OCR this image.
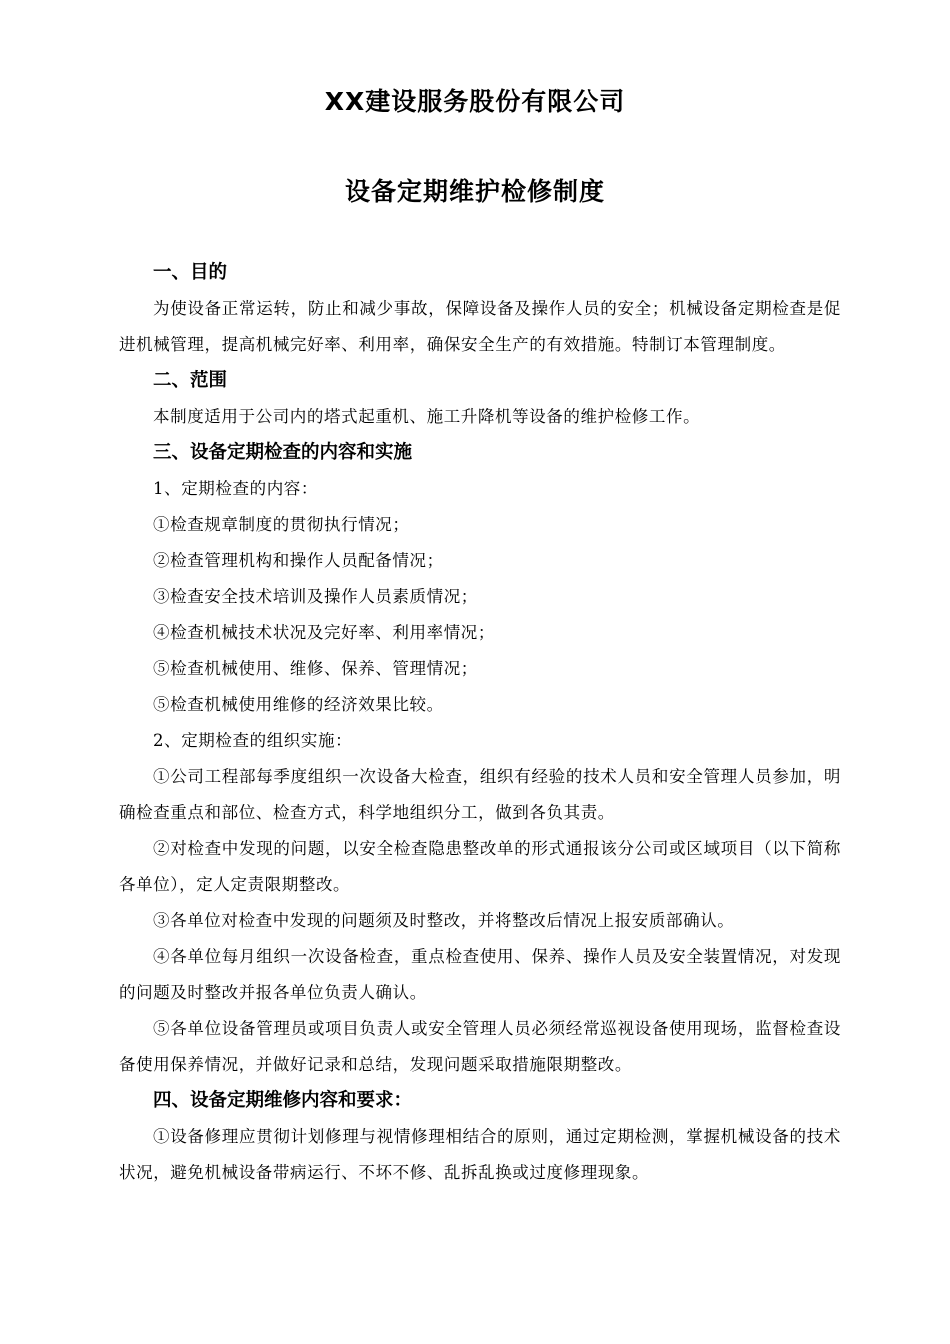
XX建设服务股份有限公司
设备定期维护检修制度
一、目的
为使设备正常运转，防止和减少事故，保障设备及操作人员的安全；机械设备定期检查是促进机械管理，提高机械完好率、利用率，确保安全生产的有效措施。特制订本管理制度。
二、范围
本制度适用于公司内的塔式起重机、施工升降机等设备的维护检修工作。
三、设备定期检查的内容和实施
1、定期检查的内容：
①检查规章制度的贯彻执行情况；
②检查管理机构和操作人员配备情况；
③检查安全技术培训及操作人员素质情况；
④检查机械技术状况及完好率、利用率情况；
⑤检查机械使用、维修、保养、管理情况；
⑤检查机械使用维修的经济效果比较。
2、定期检查的组织实施：
①公司工程部每季度组织一次设备大检查，组织有经验的技术人员和安全管理人员参加，明确检查重点和部位、检查方式，科学地组织分工，做到各负其责。
②对检查中发现的问题，以安全检查隐患整改单的形式通报该分公司或区域项目（以下简称各单位），定人定责限期整改。
③各单位对检查中发现的问题须及时整改，并将整改后情况上报安质部确认。
④各单位每月组织一次设备检查，重点检查使用、保养、操作人员及安全装置情况，对发现的问题及时整改并报各单位负责人确认。
⑤各单位设备管理员或项目负责人或安全管理人员必须经常巡视设备使用现场，监督检查设备使用保养情况，并做好记录和总结，发现问题采取措施限期整改。
四、设备定期维修内容和要求：
①设备修理应贯彻计划修理与视情修理相结合的原则，通过定期检测，掌握机械设备的技术状况，避免机械设备带病运行、不坏不修、乱拆乱换或过度修理现象。
